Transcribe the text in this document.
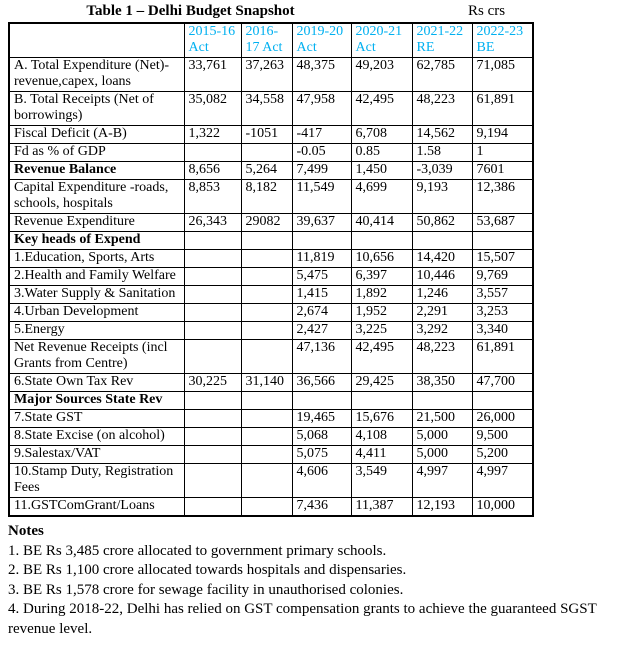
Table 1 – Delhi Budget Snapshot	Rs crs
	2015-16 Act	2016-17 Act	2019-20 Act	2020-21 Act	2021-22 RE	2022-23 BE
A. Total Expenditure (Net)-revenue,capex, loans	33,761	37,263	48,375	49,203	62,785	71,085
B. Total Receipts (Net of borrowings)	35,082	34,558	47,958	42,495	48,223	61,891
Fiscal Deficit (A-B)	1,322	-1051	-417	6,708	14,562	9,194
Fd as % of GDP			-0.05	0.85	1.58	1
Revenue Balance	8,656	5,264	7,499	1,450	-3,039	7601
Capital Expenditure -roads, schools, hospitals	8,853	8,182	11,549	4,699	9,193	12,386
Revenue Expenditure	26,343	29082	39,637	40,414	50,862	53,687
Key heads of Expend						
1.Education, Sports, Arts			11,819	10,656	14,420	15,507
2.Health and Family Welfare			5,475	6,397	10,446	9,769
3.Water Supply & Sanitation			1,415	1,892	1,246	3,557
4.Urban Development			2,674	1,952	2,291	3,253
5.Energy			2,427	3,225	3,292	3,340
Net Revenue Receipts (incl Grants from Centre)			47,136	42,495	48,223	61,891
6.State Own Tax Rev	30,225	31,140	36,566	29,425	38,350	47,700
Major Sources State Rev						
7.State GST			19,465	15,676	21,500	26,000
8.State Excise (on alcohol)			5,068	4,108	5,000	9,500
9.Salestax/VAT			5,075	4,411	5,000	5,200
10.Stamp Duty, Registration Fees			4,606	3,549	4,997	4,997
11.GSTComGrant/Loans			7,436	11,387	12,193	10,000
Notes
1. BE Rs 3,485 crore allocated to government primary schools.
2. BE Rs 1,100 crore allocated towards hospitals and dispensaries.
3. BE Rs 1,578 crore for sewage facility in unauthorised colonies.
4. During 2018-22, Delhi has relied on GST compensation grants to achieve the guaranteed SGST revenue level.
